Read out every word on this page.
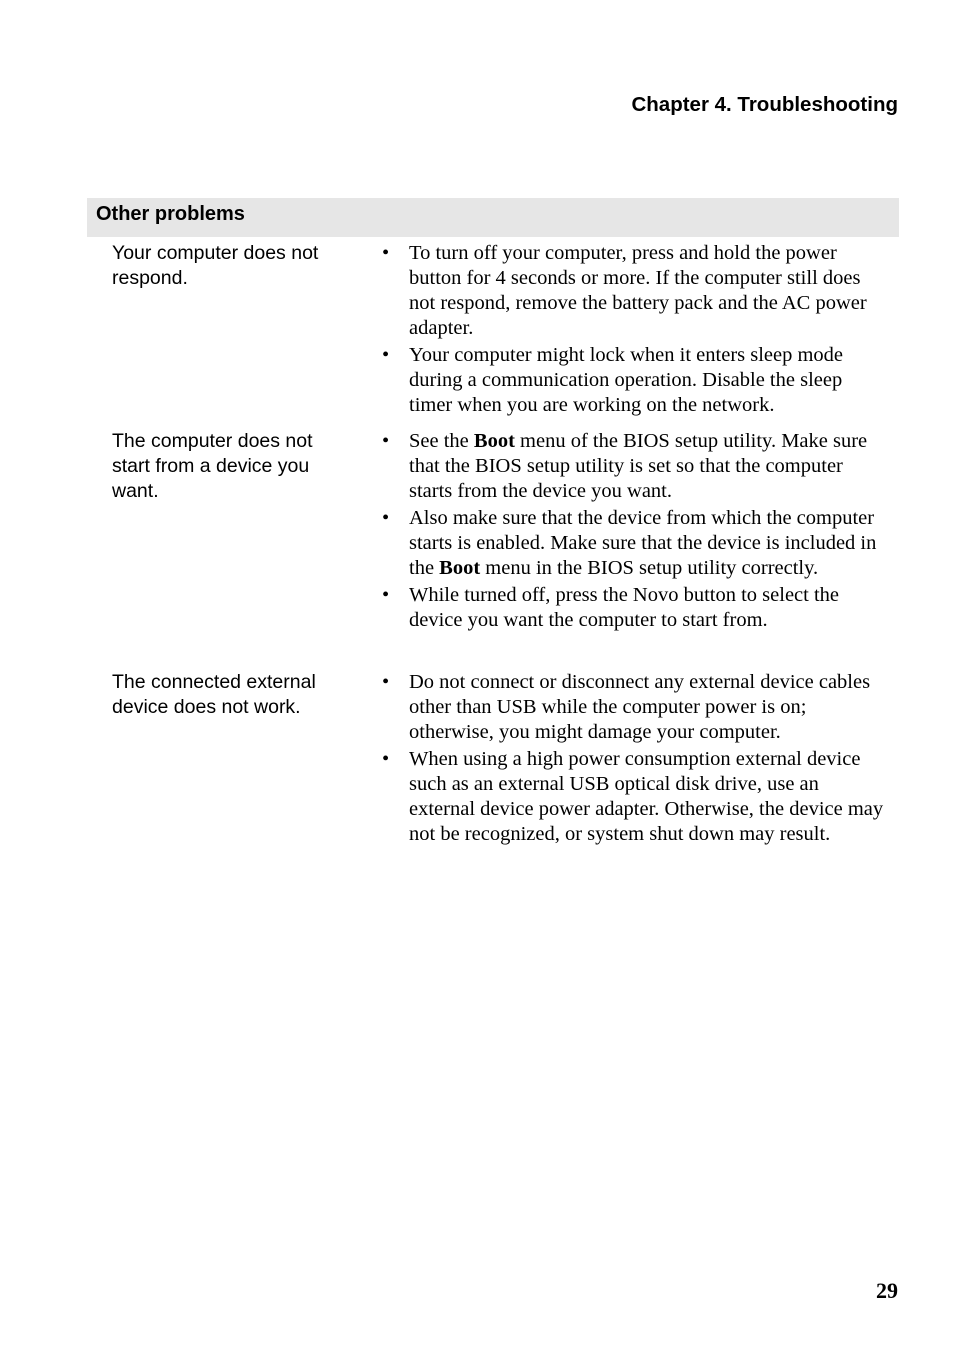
Chapter 4. Troubleshooting

Other problems

Your computer does not respond.

• To turn off your computer, press and hold the power button for 4 seconds or more. If the computer still does not respond, remove the battery pack and the AC power adapter.
• Your computer might lock when it enters sleep mode during a communication operation. Disable the sleep timer when you are working on the network.

The computer does not start from a device you want.

• See the Boot menu of the BIOS setup utility. Make sure that the BIOS setup utility is set so that the computer starts from the device you want.
• Also make sure that the device from which the computer starts is enabled. Make sure that the device is included in the Boot menu in the BIOS setup utility correctly.
• While turned off, press the Novo button to select the device you want the computer to start from.

The connected external device does not work.

• Do not connect or disconnect any external device cables other than USB while the computer power is on; otherwise, you might damage your computer.
• When using a high power consumption external device such as an external USB optical disk drive, use an external device power adapter. Otherwise, the device may not be recognized, or system shut down may result.

29
